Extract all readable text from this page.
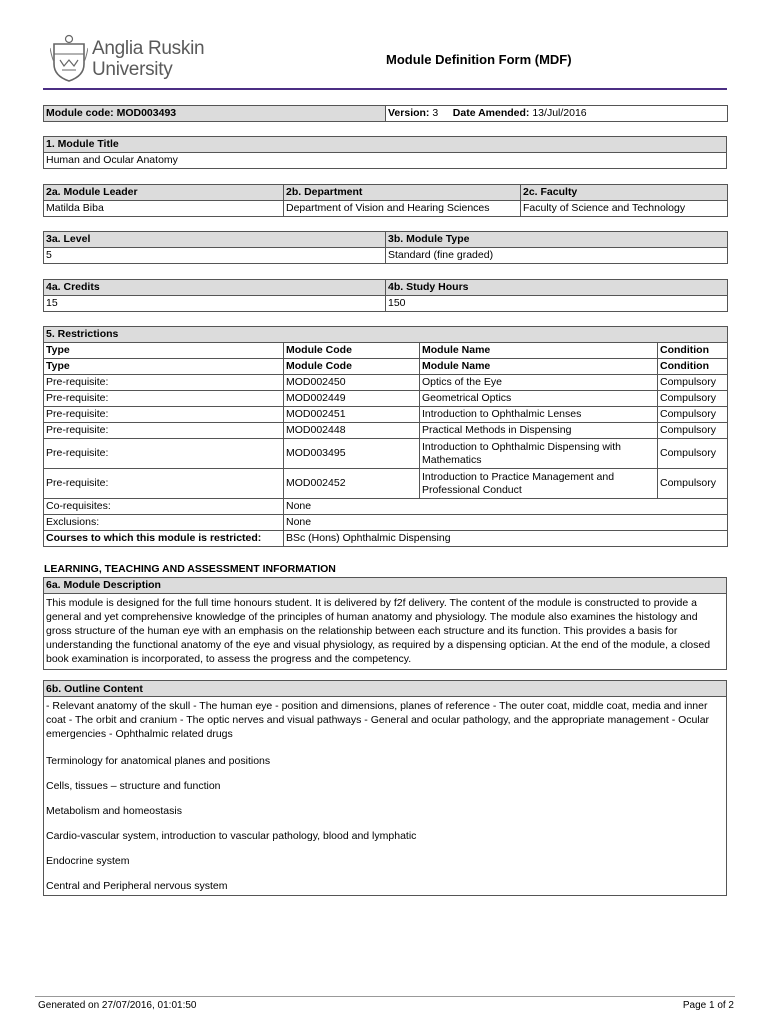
Anglia Ruskin
University	Module Definition Form (MDF)
Module code: MOD003493	Version: 3 Date Amended: 13/Jul/2016
1. Module Title
Human and Ocular Anatomy
2a. Module Leader	2b. Department	2c. Faculty
Matilda Biba	Department of Vision and Hearing Sciences	Faculty of Science and Technology
3a. Level	3b. Module Type
5	Standard (fine graded)
4a. Credits	4b. Study Hours
15	150
5. Restrictions			
Type	Module Code	Module Name	Condition
Type	Module Code	Module Name	Condition
Pre-requisite:	MOD002450	Optics of the Eye	Compulsory
Pre-requisite:	MOD002449	Geometrical Optics	Compulsory
Pre-requisite:	MOD002451	Introduction to Ophthalmic Lenses	Compulsory
Pre-requisite:	MOD002448	Practical Methods in Dispensing	Compulsory
Pre-requisite:	MOD003495	Introduction to Ophthalmic Dispensing with Mathematics	Compulsory
Pre-requisite:	MOD002452	Introduction to Practice Management and Professional Conduct	Compulsory
Co-requisites:	None		
Exclusions:	None		
Courses to which this module is restricted:	BSc (Hons) Ophthalmic Dispensing		
LEARNING, TEACHING AND ASSESSMENT INFORMATION
6a. Module Description
This module is designed for the full time honours student. It is delivered by f2f delivery. The content of the module is constructed to provide a general and yet comprehensive knowledge of the principles of human anatomy and physiology. The module also examines the histology and gross structure of the human eye with an emphasis on the relationship between each structure and its function. This provides a basis for understanding the functional anatomy of the eye and visual physiology, as required by a dispensing optician. At the end of the module, a closed book examination is incorporated, to assess the progress and the competency.
6b. Outline Content
- Relevant anatomy of the skull - The human eye - position and dimensions, planes of reference - The outer coat, middle coat, media and inner coat - The orbit and cranium - The optic nerves and visual pathways - General and ocular pathology, and the appropriate management - Ocular emergencies - Ophthalmic related drugs
Terminology for anatomical planes and positions
Cells, tissues – structure and function
Metabolism and homeostasis
Cardio-vascular system, introduction to vascular pathology, blood and lymphatic
Endocrine system
Central and Peripheral nervous system
Generated on 27/07/2016, 01:01:50	Page 1 of 2
